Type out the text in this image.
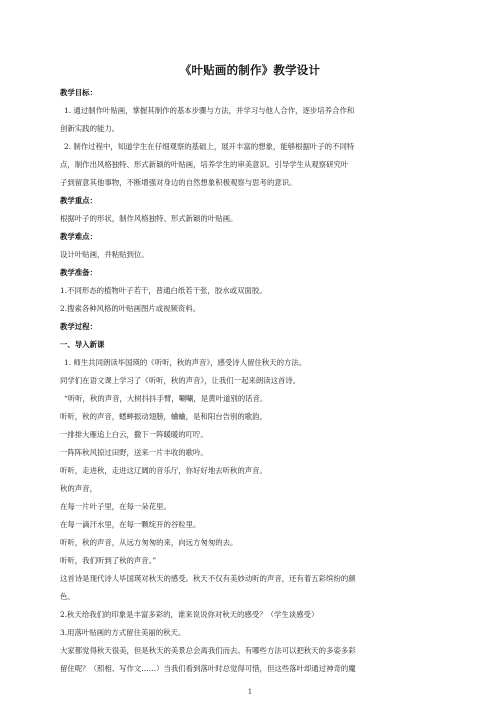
《叶贴画的制作》教学设计
教学目标：
1. 通过制作叶贴画，掌握其制作的基本步骤与方法，并学习与他人合作，逐步培养合作和
创新实践的能力。
2. 制作过程中，知道学生在仔细观察的基础上，展开丰富的想象，能够根据叶子的不同特
点，制作出风格独特、形式新颖的叶贴画，培养学生的审美意识。引导学生从观察研究叶
子到留意其他事物，不断增强对身边的自然想象积极观察与思考的意识。
教学重点：
根据叶子的形状，制作风格独特、形式新颖的叶贴画。
教学难点：
设计叶贴画，并粘贴到位。
教学准备：
1.不同形态的植物叶子若干，普通白纸若干张，胶水或双面胶。
2.搜索各种风格的叶贴画图片或视频资料。
教学过程：
一、导入新课
1. 师生共同朗读毕国瑛的《听听，秋的声音》，感受诗人留住秋天的方法。
同学们在语文课上学习了《听听，秋的声音》，让我们一起来朗读这首诗。
“听听，秋的声音，大树抖抖手臂，唰唰，是黄叶道别的话音。
听听，秋的声音，蟋蟀振动翅膀，蛐蛐，是和阳台告别的歌韵。
一排排大雁追上白云，撒下一阵暖暖的叮咛。
一阵阵秋风掠过田野，送来一片丰收的歌吟。
听听，走进秋，走进这辽阔的音乐厅，你好好地去听秋的声音。
秋的声音，
在每一片叶子里，在每一朵花里。
在每一滴汗水里，在每一颗绽开的谷粒里。
听听，秋的声音，从远方匆匆的来，向远方匆匆的去。
听听，我们听到了秋的声音。”
这首诗是现代诗人毕国瑛对秋天的感受。秋天不仅有美妙动听的声音，还有着五彩缤纷的颜
色。
2.秋天给我们的印象是丰富多彩的，谁来说说你对秋天的感受？（学生谈感受）
3.用落叶贴画的方式留住美丽的秋天。
大家都觉得秋天很美，但是秋天的美景总会离我们而去。有哪些方法可以把秋天的多姿多彩
留住呢？（照相、写作文……）当我们看到落叶时总觉得可惜，但这些落叶却通过神奇的魔
1
